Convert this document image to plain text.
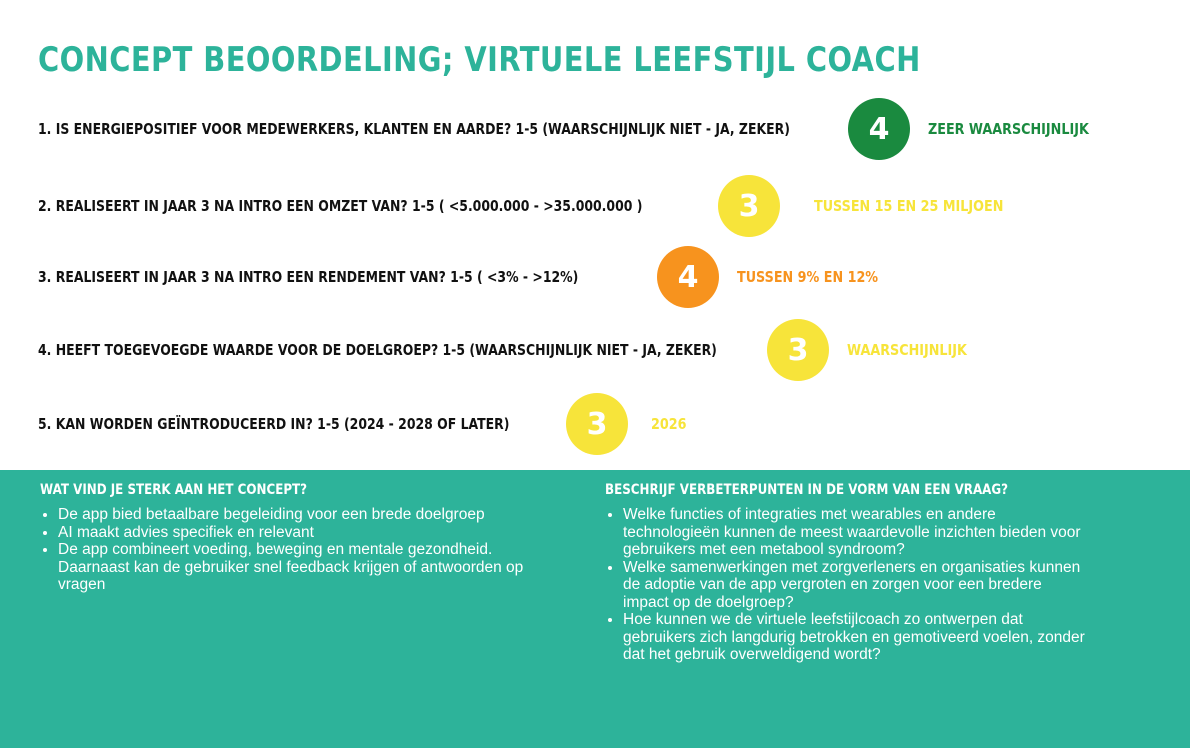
CONCEPT BEOORDELING; VIRTUELE LEEFSTIJL COACH
1. IS ENERGIEPOSITIEF VOOR MEDEWERKERS, KLANTEN EN AARDE? 1-5 (WAARSCHIJNLIJK NIET - JA, ZEKER)	4	ZEER WAARSCHIJNLIJK
2. REALISEERT IN JAAR 3 NA INTRO EEN OMZET VAN? 1-5 ( <5.000.000 - >35.000.000 )	3	TUSSEN 15 EN 25 MILJOEN
3. REALISEERT IN JAAR 3 NA INTRO EEN RENDEMENT VAN? 1-5 ( <3% - >12%)	4	TUSSEN 9% EN 12%
4. HEEFT TOEGEVOEGDE WAARDE VOOR DE DOELGROEP? 1-5 (WAARSCHIJNLIJK NIET - JA, ZEKER)	3	WAARSCHIJNLIJK
5. KAN WORDEN GEÏNTRODUCEERD IN? 1-5 (2024 - 2028 OF LATER)	3	2026
WAT VIND JE STERK AAN HET CONCEPT?
• De app bied betaalbare begeleiding voor een brede doelgroep
• AI maakt advies specifiek en relevant
• De app combineert voeding, beweging en mentale gezondheid. Daarnaast kan de gebruiker snel feedback krijgen of antwoorden op vragen
BESCHRIJF VERBETERPUNTEN IN DE VORM VAN EEN VRAAG?
• Welke functies of integraties met wearables en andere technologieën kunnen de meest waardevolle inzichten bieden voor gebruikers met een metabool syndroom?
• Welke samenwerkingen met zorgverleners en organisaties kunnen de adoptie van de app vergroten en zorgen voor een bredere impact op de doelgroep?
• Hoe kunnen we de virtuele leefstijlcoach zo ontwerpen dat gebruikers zich langdurig betrokken en gemotiveerd voelen, zonder dat het gebruik overweldigend wordt?
